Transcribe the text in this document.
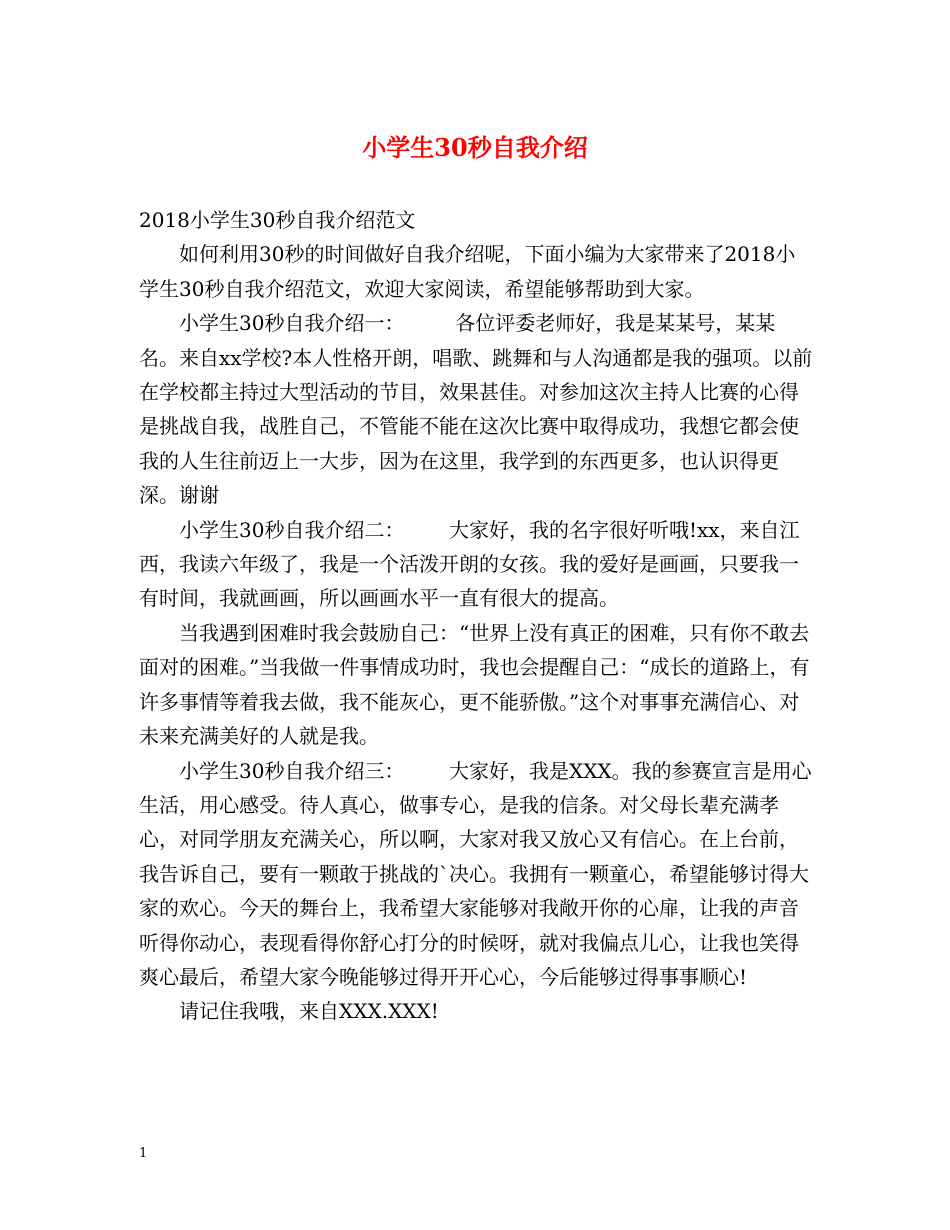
小学生30秒自我介绍

2018小学生30秒自我介绍范文

如何利用30秒的时间做好自我介绍呢，下面小编为大家带来了2018小学生30秒自我介绍范文，欢迎大家阅读，希望能够帮助到大家。

小学生30秒自我介绍一：        各位评委老师好，我是某某号，某某名。来自xx学校?本人性格开朗，唱歌、跳舞和与人沟通都是我的强项。以前在学校都主持过大型活动的节目，效果甚佳。对参加这次主持人比赛的心得是挑战自我，战胜自己，不管能不能在这次比赛中取得成功，我想它都会使我的人生往前迈上一大步，因为在这里，我学到的东西更多，也认识得更深。谢谢

小学生30秒自我介绍二：       大家好，我的名字很好听哦!xx，来自江西，我读六年级了，我是一个活泼开朗的女孩。我的爱好是画画，只要我一有时间，我就画画，所以画画水平一直有很大的提高。

当我遇到困难时我会鼓励自己：“世界上没有真正的困难，只有你不敢去面对的困难。”当我做一件事情成功时，我也会提醒自己：“成长的道路上，有许多事情等着我去做，我不能灰心，更不能骄傲。”这个对事事充满信心、对未来充满美好的人就是我。

小学生30秒自我介绍三：       大家好，我是XXX。我的参赛宣言是用心生活，用心感受。待人真心，做事专心，是我的信条。对父母长辈充满孝心，对同学朋友充满关心，所以啊，大家对我又放心又有信心。在上台前，我告诉自己，要有一颗敢于挑战的`决心。我拥有一颗童心，希望能够讨得大家的欢心。今天的舞台上，我希望大家能够对我敞开你的心扉，让我的声音听得你动心，表现看得你舒心打分的时候呀，就对我偏点儿心，让我也笑得爽心最后，希望大家今晚能够过得开开心心，今后能够过得事事顺心!

请记住我哦，来自XXX.XXX!

1
